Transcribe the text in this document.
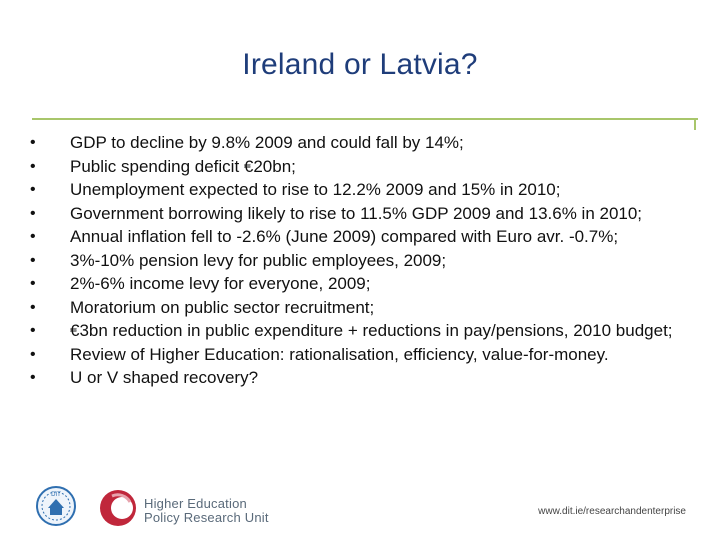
Ireland or Latvia?
•	GDP to decline by 9.8% 2009 and could fall by 14%;
•	Public spending deficit €20bn;
•	Unemployment expected to rise to 12.2% 2009 and 15% in 2010;
•	Government borrowing likely to rise to 11.5% GDP 2009 and 13.6% in 2010;
•	Annual inflation fell to -2.6% (June 2009) compared with Euro avr. -0.7%;
•	3%-10% pension levy for public employees, 2009;
•	2%-6% income levy for everyone, 2009;
•	Moratorium on public sector recruitment;
•	€3bn reduction in public expenditure + reductions in pay/pensions, 2010 budget;
•	Review of Higher Education: rationalisation, efficiency, value-for-money.
•	U or V shaped recovery?
DIT
Higher Education
Policy Research Unit	www.dit.ie/researchandenterprise
